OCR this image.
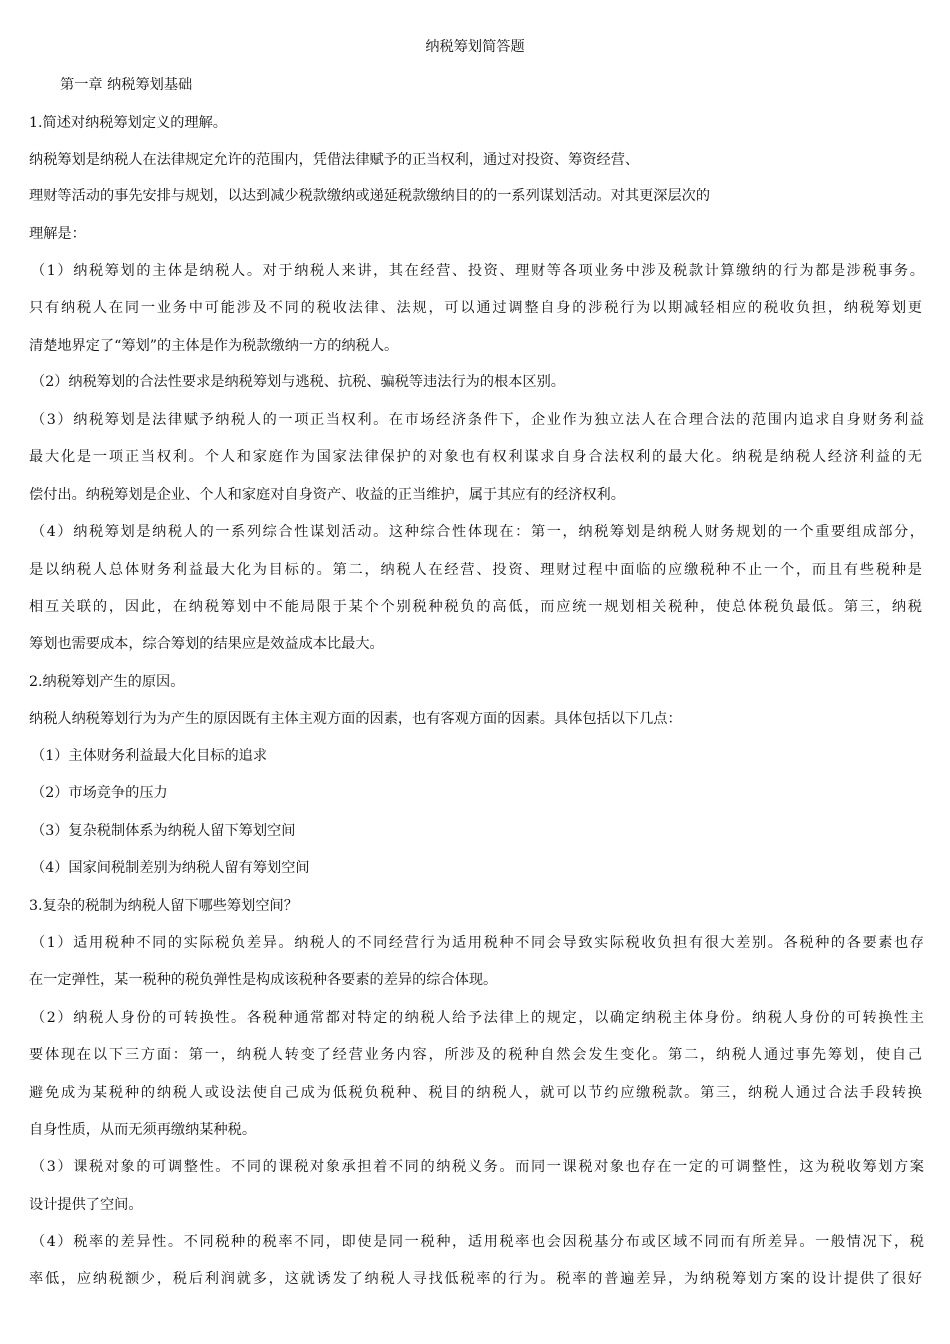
纳税筹划简答题

第一章 纳税筹划基础

1.简述对纳税筹划定义的理解。

纳税筹划是纳税人在法律规定允许的范围内，凭借法律赋予的正当权利，通过对投资、筹资经营、

理财等活动的事先安排与规划，以达到减少税款缴纳或递延税款缴纳目的的一系列谋划活动。对其更深层次的

理解是：

（1）纳税筹划的主体是纳税人。对于纳税人来讲，其在经营、投资、理财等各项业务中涉及税款计算缴纳的行为都是涉税事务。

只有纳税人在同一业务中可能涉及不同的税收法律、法规，可以通过调整自身的涉税行为以期减轻相应的税收负担，纳税筹划更

清楚地界定了“筹划”的主体是作为税款缴纳一方的纳税人。

（2）纳税筹划的合法性要求是纳税筹划与逃税、抗税、骗税等违法行为的根本区别。

（3）纳税筹划是法律赋予纳税人的一项正当权利。在市场经济条件下，企业作为独立法人在合理合法的范围内追求自身财务利益

最大化是一项正当权利。个人和家庭作为国家法律保护的对象也有权利谋求自身合法权利的最大化。纳税是纳税人经济利益的无

偿付出。纳税筹划是企业、个人和家庭对自身资产、收益的正当维护，属于其应有的经济权利。

（4）纳税筹划是纳税人的一系列综合性谋划活动。这种综合性体现在：第一，纳税筹划是纳税人财务规划的一个重要组成部分，

是以纳税人总体财务利益最大化为目标的。第二，纳税人在经营、投资、理财过程中面临的应缴税种不止一个，而且有些税种是

相互关联的，因此，在纳税筹划中不能局限于某个个别税种税负的高低，而应统一规划相关税种，使总体税负最低。第三，纳税

筹划也需要成本，综合筹划的结果应是效益成本比最大。

2.纳税筹划产生的原因。

纳税人纳税筹划行为为产生的原因既有主体主观方面的因素，也有客观方面的因素。具体包括以下几点：

（1）主体财务利益最大化目标的追求

（2）市场竞争的压力

（3）复杂税制体系为纳税人留下筹划空间

（4）国家间税制差别为纳税人留有筹划空间

3.复杂的税制为纳税人留下哪些筹划空间？

（1）适用税种不同的实际税负差异。纳税人的不同经营行为适用税种不同会导致实际税收负担有很大差别。各税种的各要素也存

在一定弹性，某一税种的税负弹性是构成该税种各要素的差异的综合体现。

（2）纳税人身份的可转换性。各税种通常都对特定的纳税人给予法律上的规定，以确定纳税主体身份。纳税人身份的可转换性主

要体现在以下三方面：第一，纳税人转变了经营业务内容，所涉及的税种自然会发生变化。第二，纳税人通过事先筹划，使自己

避免成为某税种的纳税人或设法使自己成为低税负税种、税目的纳税人，就可以节约应缴税款。第三，纳税人通过合法手段转换

自身性质，从而无须再缴纳某种税。

（3）课税对象的可调整性。不同的课税对象承担着不同的纳税义务。而同一课税对象也存在一定的可调整性，这为税收筹划方案

设计提供了空间。

（4）税率的差异性。不同税种的税率不同，即使是同一税种，适用税率也会因税基分布或区域不同而有所差异。一般情况下，税

率低，应纳税额少，税后利润就多，这就诱发了纳税人寻找低税率的行为。税率的普遍差异，为纳税筹划方案的设计提供了很好
